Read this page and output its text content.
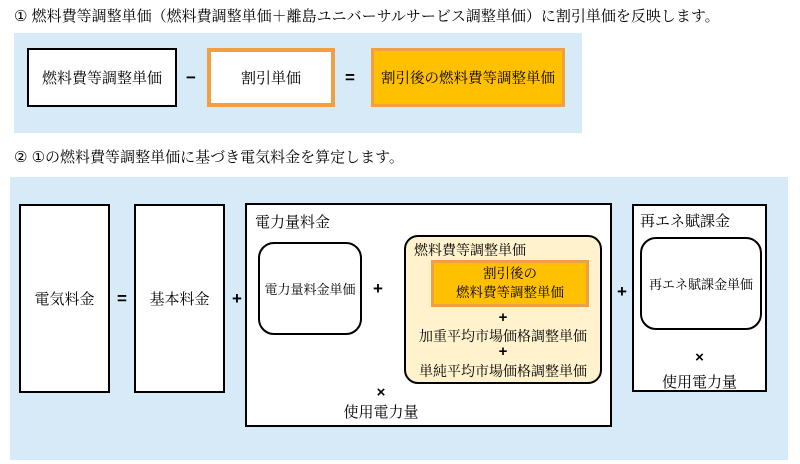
① 燃料費等調整単価（燃料費調整単価＋離島ユニバーサルサービス調整単価）に割引単価を反映します。
燃料費等調整単価	−	割引単価	=	割引後の燃料費等調整単価
② ①の燃料費等調整単価に基づき電気料金を算定します。
電気料金	=	基本料金	+
電力量料金
電力量料金単価	+
燃料費等調整単価
割引後の
燃料費等調整単価
+
加重平均市場価格調整単価
+
単純平均市場価格調整単価
×
使用電力量
+
再エネ賦課金
再エネ賦課金単価
×
使用電力量
